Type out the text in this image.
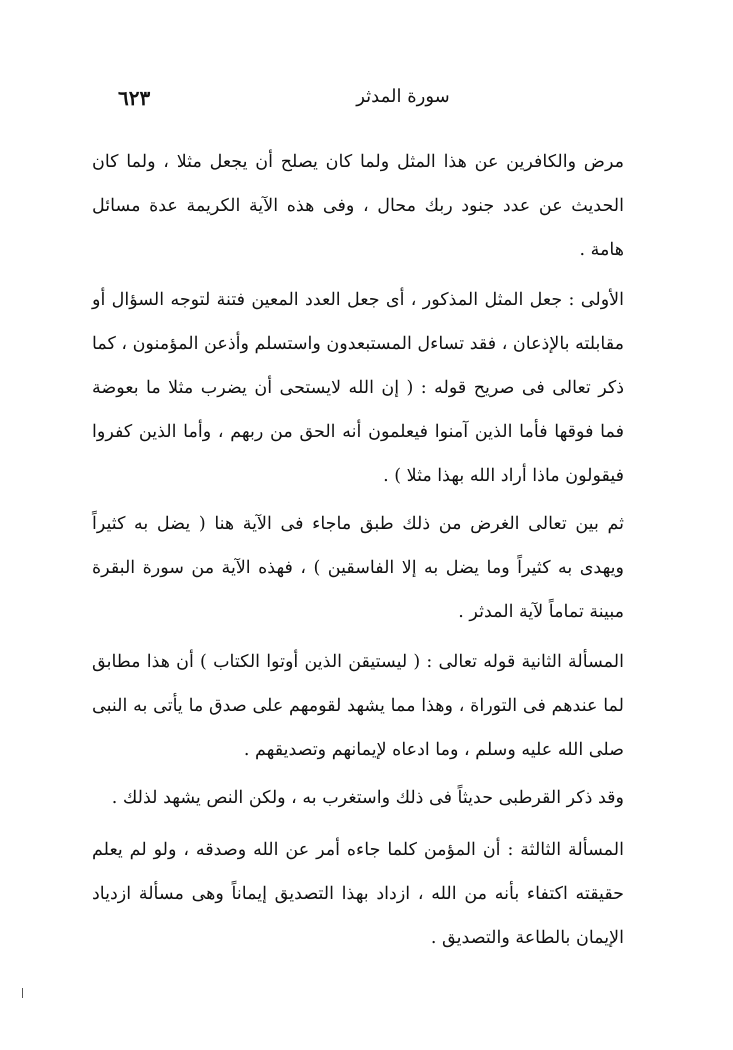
٦٢٣	سورة المدثر

مرض والكافرين عن هذا المثل ولما كان يصلح أن يجعل مثلا ، ولما كان الحديث عن عدد جنود ربك محال ، وفى هذه الآية الكريمة عدة مسائل هامة .

الأولى : جعل المثل المذكور ، أى جعل العدد المعين فتنة لتوجه السؤال أو مقابلته بالإذعان ، فقد تساءل المستبعدون واستسلم وأذعن المؤمنون ، كما ذكر تعالى فى صريح قوله : ( إن الله لايستحى أن يضرب مثلا ما بعوضة فما فوقها فأما الذين آمنوا فيعلمون أنه الحق من ربهم ، وأما الذين كفروا فيقولون ماذا أراد الله بهذا مثلا ) .

ثم بين تعالى الغرض من ذلك طبق ماجاء فى الآية هنا ( يضل به كثيراً ويهدى به كثيراً وما يضل به إلا الفاسقين ) ، فهذه الآية من سورة البقرة مبينة تماماً لآية المدثر .

المسألة الثانية قوله تعالى : ( ليستيقن الذين أوتوا الكتاب ) أن هذا مطابق لما عندهم فى التوراة ، وهذا مما يشهد لقومهم على صدق ما يأتى به النبى صلى الله عليه وسلم ، وما ادعاه لإيمانهم وتصديقهم .

وقد ذكر القرطبى حديثاً فى ذلك واستغرب به ، ولكن النص يشهد لذلك .

المسألة الثالثة : أن المؤمن كلما جاءه أمر عن الله وصدقه ، ولو لم يعلم حقيقته اكتفاء بأنه من الله ، ازداد بهذا التصديق إيماناً وهى مسألة ازدياد الإيمان بالطاعة والتصديق .
